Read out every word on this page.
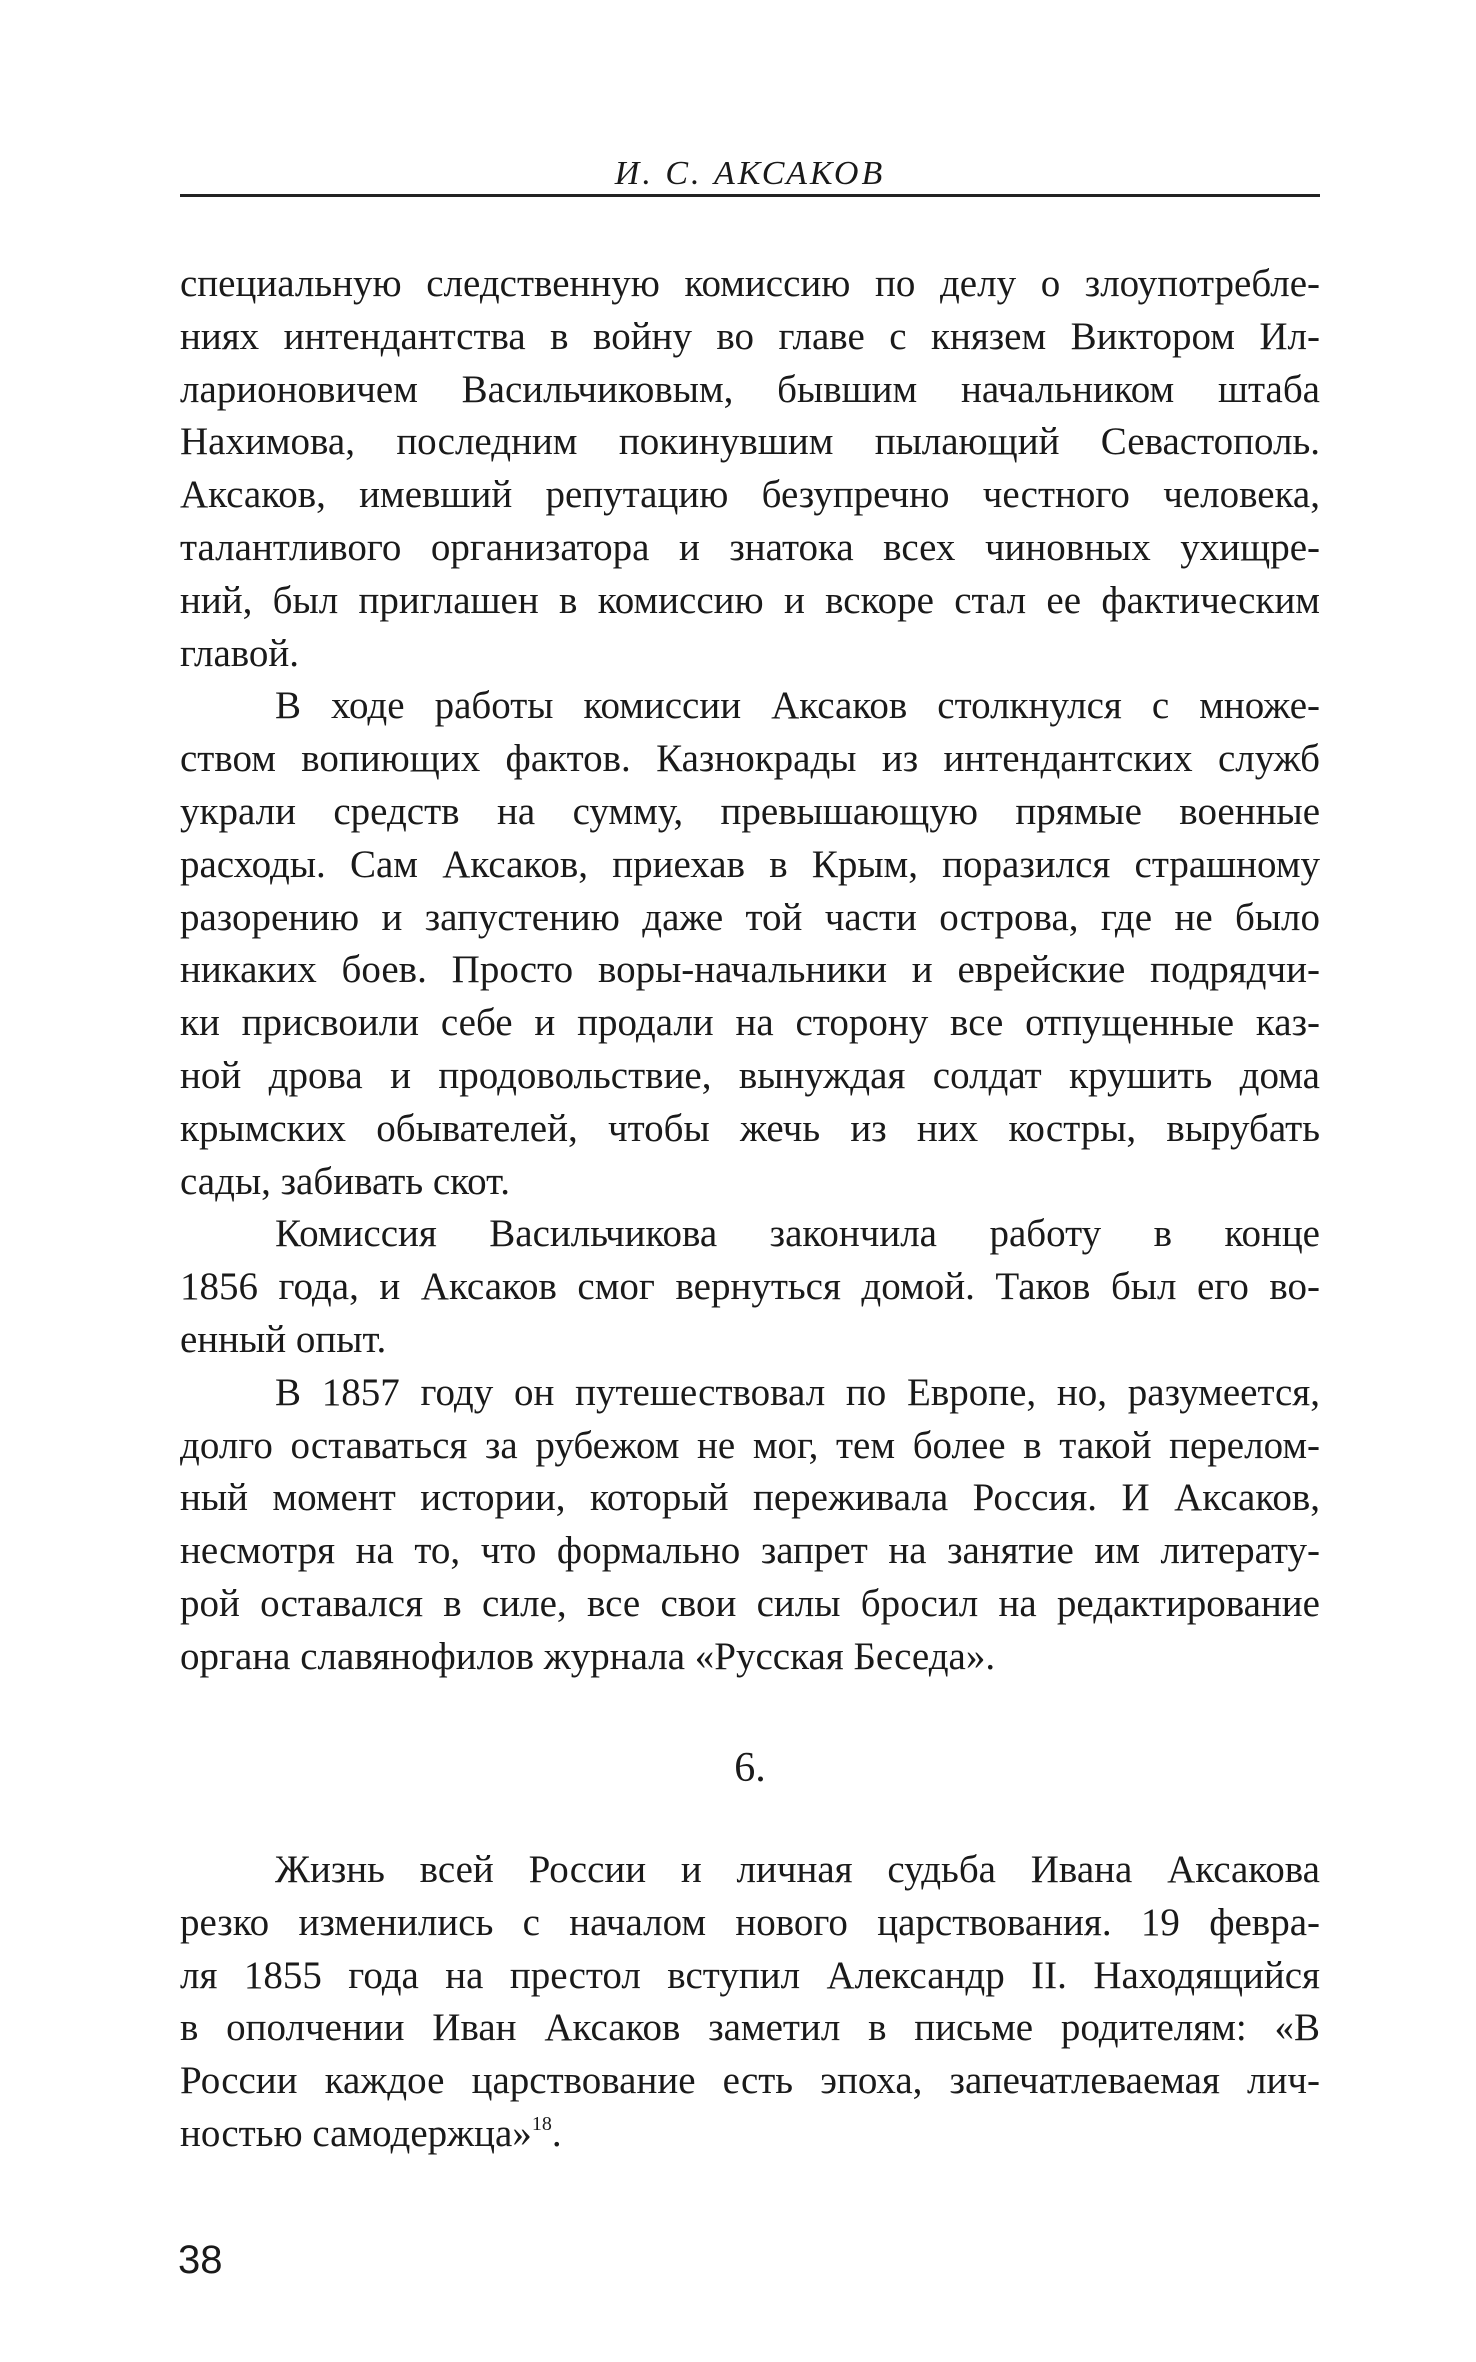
И. С. АКСАКОВ
специальную следственную комиссию по делу о злоупотребле-
ниях интендантства в войну во главе с князем Виктором Ил-
ларионовичем Васильчиковым, бывшим начальником штаба
Нахимова, последним покинувшим пылающий Севастополь.
Аксаков, имевший репутацию безупречно честного человека,
талантливого организатора и знатока всех чиновных ухищре-
ний, был приглашен в комиссию и вскоре стал ее фактическим
главой.
В ходе работы комиссии Аксаков столкнулся с множе-
ством вопиющих фактов. Казнокрады из интендантских служб
украли средств на сумму, превышающую прямые военные
расходы. Сам Аксаков, приехав в Крым, поразился страшному
разорению и запустению даже той части острова, где не было
никаких боев. Просто воры-начальники и еврейские подрядчи-
ки присвоили себе и продали на сторону все отпущенные каз-
ной дрова и продовольствие, вынуждая солдат крушить дома
крымских обывателей, чтобы жечь из них костры, вырубать
сады, забивать скот.
Комиссия Васильчикова закончила работу в конце
1856 года, и Аксаков смог вернуться домой. Таков был его во-
енный опыт.
В 1857 году он путешествовал по Европе, но, разумеется,
долго оставаться за рубежом не мог, тем более в такой перелом-
ный момент истории, который переживала Россия. И Аксаков,
несмотря на то, что формально запрет на занятие им литерату-
рой оставался в силе, все свои силы бросил на редактирование
органа славянофилов журнала «Русская Беседа».
6.
Жизнь всей России и личная судьба Ивана Аксакова
резко изменились с началом нового царствования. 19 февра-
ля 1855 года на престол вступил Александр II. Находящийся
в ополчении Иван Аксаков заметил в письме родителям: «В
России каждое царствование есть эпоха, запечатлеваемая лич-
ностью самодержца»$^{18}$.
38
